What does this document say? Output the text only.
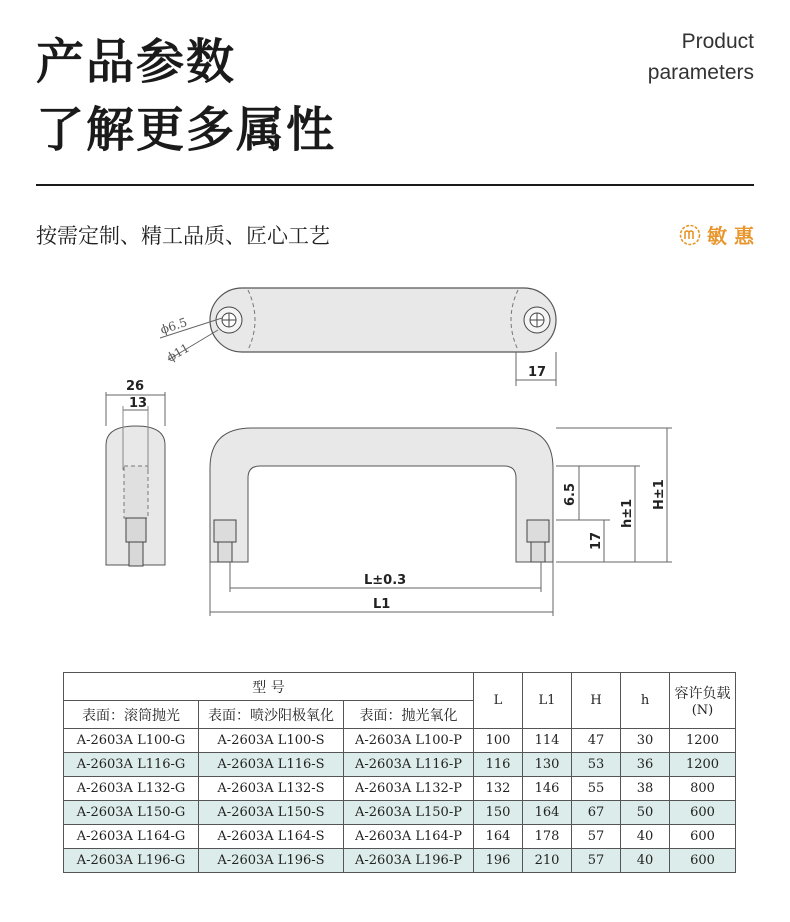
产品参数
了解更多属性
Product
parameters
按需定制、精工品质、匠心工艺	敏 惠
ϕ6.5
ϕ11
17
26
13
6.5
17
h±1
H±1
L±0.3
L1
型 号			L	L1	H	h	容许负载
(N)

表面：滚筒抛光	表面：喷沙阳极氧化	表面：抛光氧化					
A-2603A L100-G	A-2603A L100-S	A-2603A L100-P	100	114	47	30	1200
A-2603A L116-G	A-2603A L116-S	A-2603A L116-P	116	130	53	36	1200
A-2603A L132-G	A-2603A L132-S	A-2603A L132-P	132	146	55	38	800
A-2603A L150-G	A-2603A L150-S	A-2603A L150-P	150	164	67	50	600
A-2603A L164-G	A-2603A L164-S	A-2603A L164-P	164	178	57	40	600
A-2603A L196-G	A-2603A L196-S	A-2603A L196-P	196	210	57	40	600
